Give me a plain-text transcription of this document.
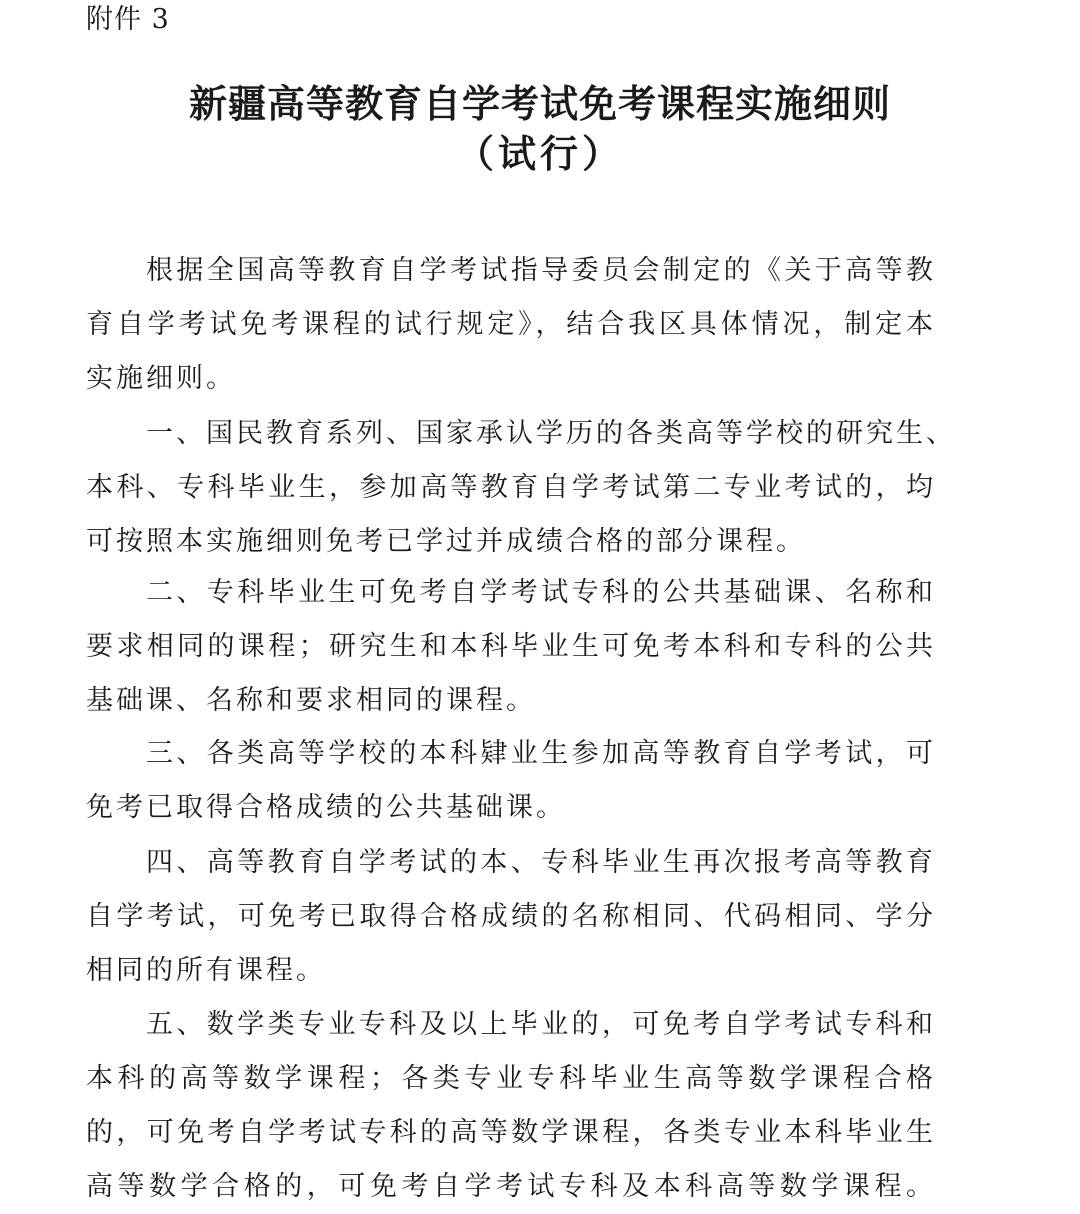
附件 3
新疆高等教育自学考试免考课程实施细则
（试行）

根据全国高等教育自学考试指导委员会制定的《关于高等教
育自学考试免考课程的试行规定》，结合我区具体情况，制定本
实施细则。

一、国民教育系列、国家承认学历的各类高等学校的研究生、
本科、专科毕业生，参加高等教育自学考试第二专业考试的，均
可按照本实施细则免考已学过并成绩合格的部分课程。

二、专科毕业生可免考自学考试专科的公共基础课、名称和
要求相同的课程；研究生和本科毕业生可免考本科和专科的公共
基础课、名称和要求相同的课程。

三、各类高等学校的本科肄业生参加高等教育自学考试，可
免考已取得合格成绩的公共基础课。

四、高等教育自学考试的本、专科毕业生再次报考高等教育
自学考试，可免考已取得合格成绩的名称相同、代码相同、学分
相同的所有课程。

五、数学类专业专科及以上毕业的，可免考自学考试专科和
本科的高等数学课程；各类专业专科毕业生高等数学课程合格
的，可免考自学考试专科的高等数学课程，各类专业本科毕业生
高等数学合格的，可免考自学考试专科及本科高等数学课程。
